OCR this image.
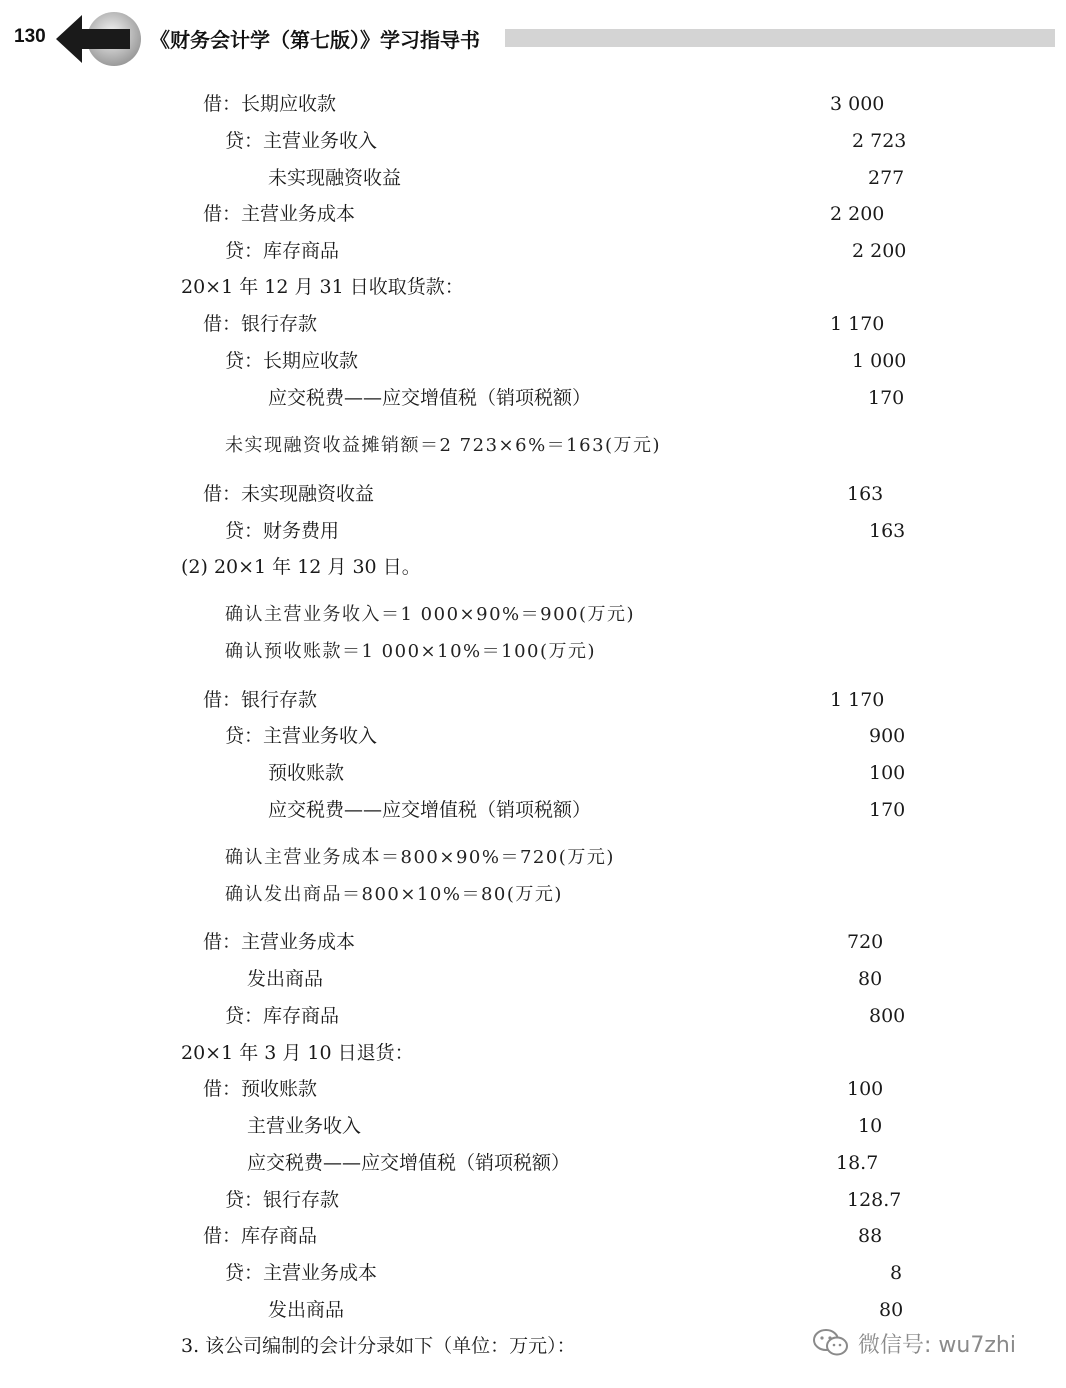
130	《财务会计学（第七版）》学习指导书
借：长期应收款	3 000
贷：主营业务收入	2 723
未实现融资收益	277
借：主营业务成本	2 200
贷：库存商品	2 200
20×1 年 12 月 31 日收取货款：
借：银行存款	1 170
贷：长期应收款	1 000
应交税费——应交增值税（销项税额）	170
未实现融资收益摊销额＝2 723×6%＝163(万元)
借：未实现融资收益	163
贷：财务费用	163
(2) 20×1 年 12 月 30 日。
确认主营业务收入＝1 000×90%＝900(万元)
确认预收账款＝1 000×10%＝100(万元)
借：银行存款	1 170
贷：主营业务收入	900
预收账款	100
应交税费——应交增值税（销项税额）	170
确认主营业务成本＝800×90%＝720(万元)
确认发出商品＝800×10%＝80(万元)
借：主营业务成本	720
发出商品	80
贷：库存商品	800
20×1 年 3 月 10 日退货：
借：预收账款	100
主营业务收入	10
应交税费——应交增值税（销项税额）	18.7
贷：银行存款	128.7
借：库存商品	88
贷：主营业务成本	8
发出商品	80
3. 该公司编制的会计分录如下（单位：万元）：	微信号: wu7zhi
